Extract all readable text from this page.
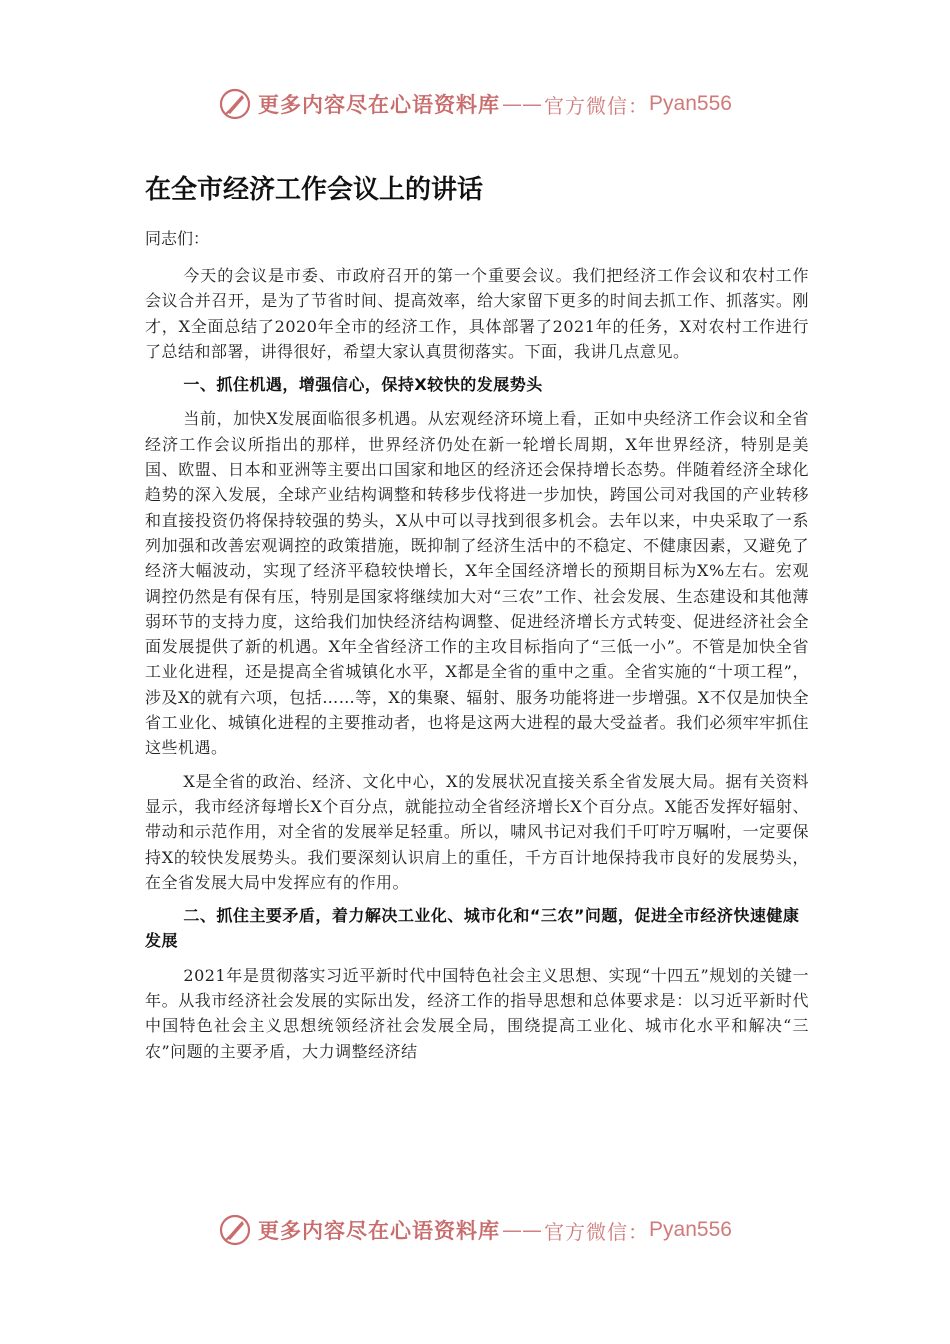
更多内容尽在心语资料库 —— 官方微信： Pyan556
在全市经济工作会议上的讲话
同志们：

今天的会议是市委、市政府召开的第一个重要会议。我们把经济工作会议和农村工作会议合并召开，是为了节省时间、提高效率，给大家留下更多的时间去抓工作、抓落实。刚才，X全面总结了2020年全市的经济工作，具体部署了2021年的任务，X对农村工作进行了总结和部署，讲得很好，希望大家认真贯彻落实。下面，我讲几点意见。

一、抓住机遇，增强信心，保持X较快的发展势头

当前，加快X发展面临很多机遇。从宏观经济环境上看，正如中央经济工作会议和全省经济工作会议所指出的那样，世界经济仍处在新一轮增长周期，X年世界经济，特别是美国、欧盟、日本和亚洲等主要出口国家和地区的经济还会保持增长态势。伴随着经济全球化趋势的深入发展，全球产业结构调整和转移步伐将进一步加快，跨国公司对我国的产业转移和直接投资仍将保持较强的势头，X从中可以寻找到很多机会。去年以来，中央采取了一系列加强和改善宏观调控的政策措施，既抑制了经济生活中的不稳定、不健康因素，又避免了经济大幅波动，实现了经济平稳较快增长，X年全国经济增长的预期目标为X%左右。宏观调控仍然是有保有压，特别是国家将继续加大对“三农”工作、社会发展、生态建设和其他薄弱环节的支持力度，这给我们加快经济结构调整、促进经济增长方式转变、促进经济社会全面发展提供了新的机遇。X年全省经济工作的主攻目标指向了“三低一小”。不管是加快全省工业化进程，还是提高全省城镇化水平，X都是全省的重中之重。全省实施的“十项工程”，涉及X的就有六项，包括……等，X的集聚、辐射、服务功能将进一步增强。X不仅是加快全省工业化、城镇化进程的主要推动者，也将是这两大进程的最大受益者。我们必须牢牢抓住这些机遇。

X是全省的政治、经济、文化中心，X的发展状况直接关系全省发展大局。据有关资料显示，我市经济每增长X个百分点，就能拉动全省经济增长X个百分点。X能否发挥好辐射、带动和示范作用，对全省的发展举足轻重。所以，啸风书记对我们千叮咛万嘱咐，一定要保持X的较快发展势头。我们要深刻认识肩上的重任，千方百计地保持我市良好的发展势头，在全省发展大局中发挥应有的作用。

二、抓住主要矛盾，着力解决工业化、城市化和“三农”问题，促进全市经济快速健康发展

2021年是贯彻落实习近平新时代中国特色社会主义思想、实现“十四五”规划的关键一年。从我市经济社会发展的实际出发，经济工作的指导思想和总体要求是：以习近平新时代中国特色社会主义思想统领经济社会发展全局，围绕提高工业化、城市化水平和解决“三农”问题的主要矛盾，大力调整经济结

更多内容尽在心语资料库 —— 官方微信： Pyan556
